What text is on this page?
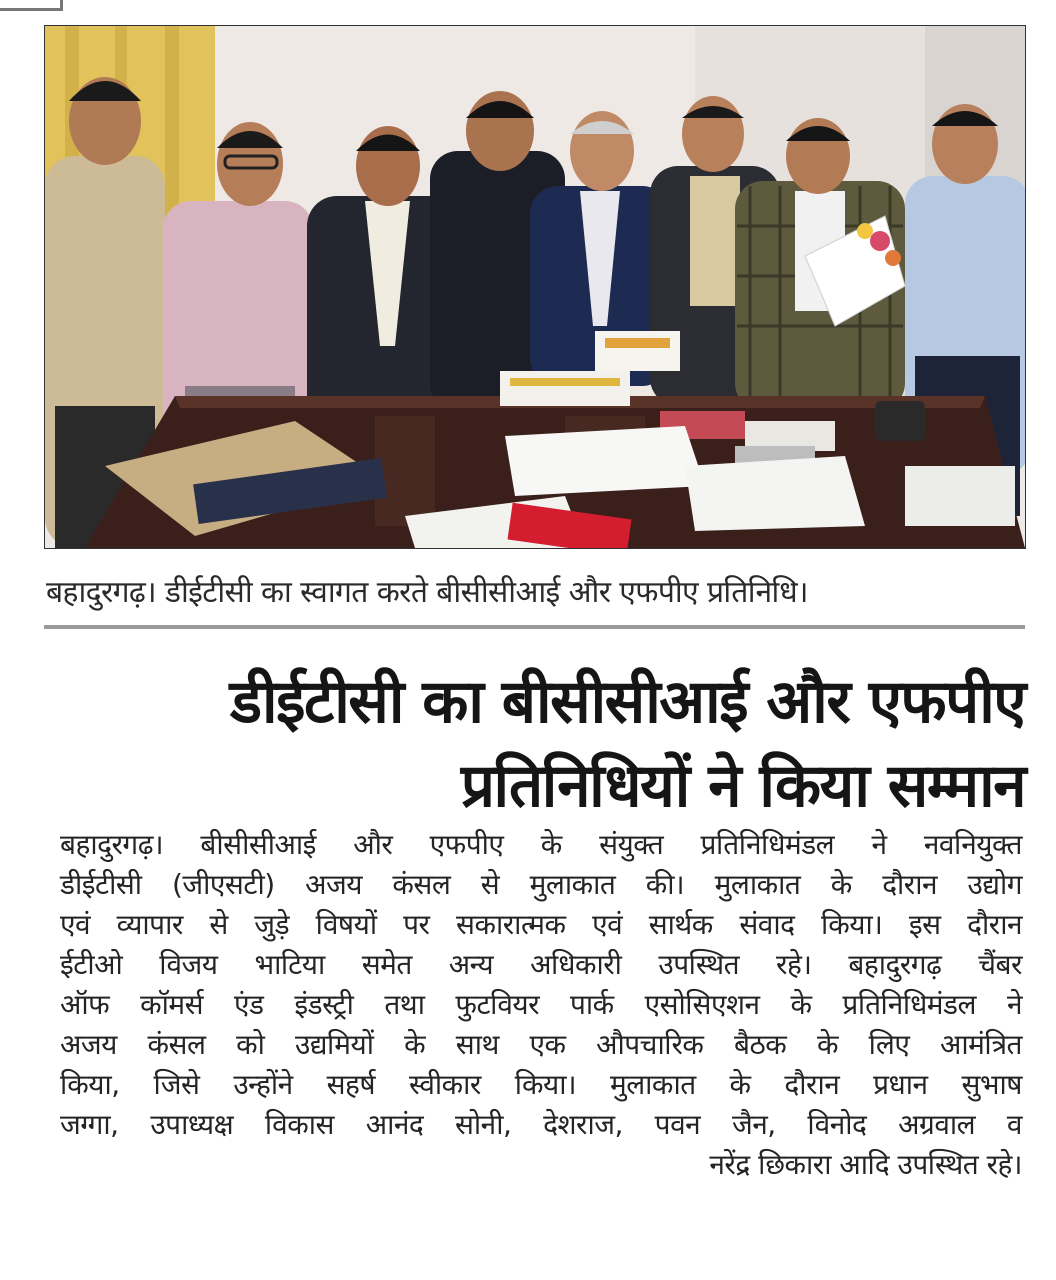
बहादुरगढ़। डीईटीसी का स्वागत करते बीसीसीआई और एफपीए प्रतिनिधि।
डीईटीसी का बीसीसीआई और एफपीए
प्रतिनिधियों ने किया सम्मान
बहादुरगढ़। बीसीसीआई और एफपीए के संयुक्त प्रतिनिधिमंडल ने नवनियुक्त
डीईटीसी (जीएसटी) अजय कंसल से मुलाकात की। मुलाकात के दौरान उद्योग
एवं व्यापार से जुड़े विषयों पर सकारात्मक एवं सार्थक संवाद किया। इस दौरान
ईटीओ विजय भाटिया समेत अन्य अधिकारी उपस्थित रहे। बहादुरगढ़ चैंबर
ऑफ कॉमर्स एंड इंडस्ट्री तथा फुटवियर पार्क एसोसिएशन के प्रतिनिधिमंडल ने
अजय कंसल को उद्यमियों के साथ एक औपचारिक बैठक के लिए आमंत्रित
किया, जिसे उन्होंने सहर्ष स्वीकार किया। मुलाकात के दौरान प्रधान सुभाष
जग्गा, उपाध्यक्ष विकास आनंद सोनी, देशराज, पवन जैन, विनोद अग्रवाल व
नरेंद्र छिकारा आदि उपस्थित रहे।
